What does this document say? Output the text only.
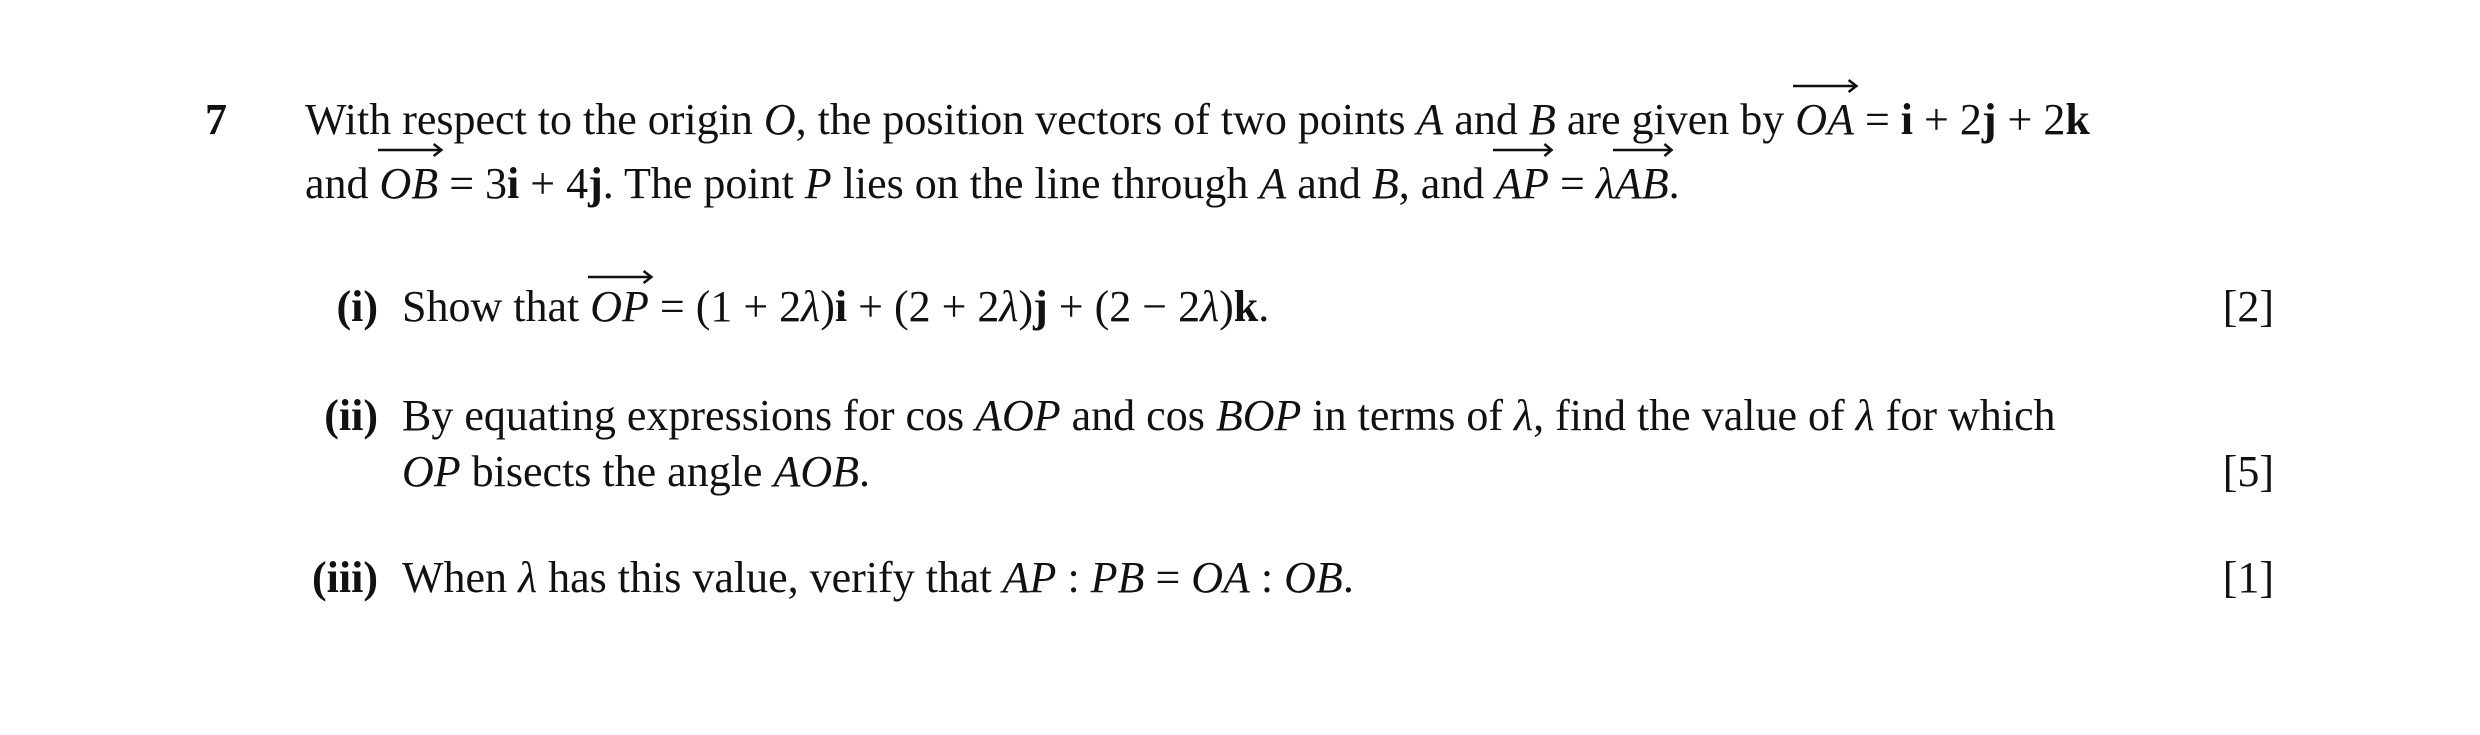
7 With respect to the origin O, the position vectors of two points A and B are given by OA
= i + 2j + 2k
and OB
= 3i + 4j. The point P lies on the line through A and B, and AP
= λAB
.
(i) Show that OP
= (1 + 2λ)i + (2 + 2λ)j + (2 − 2λ)k.	[2]
(ii) By equating expressions for cos AOP and cos BOP in terms of λ, find the value of λ for which
OP bisects the angle AOB.	[5]
(iii) When λ has this value, verify that AP : PB = OA : OB.	[1]
